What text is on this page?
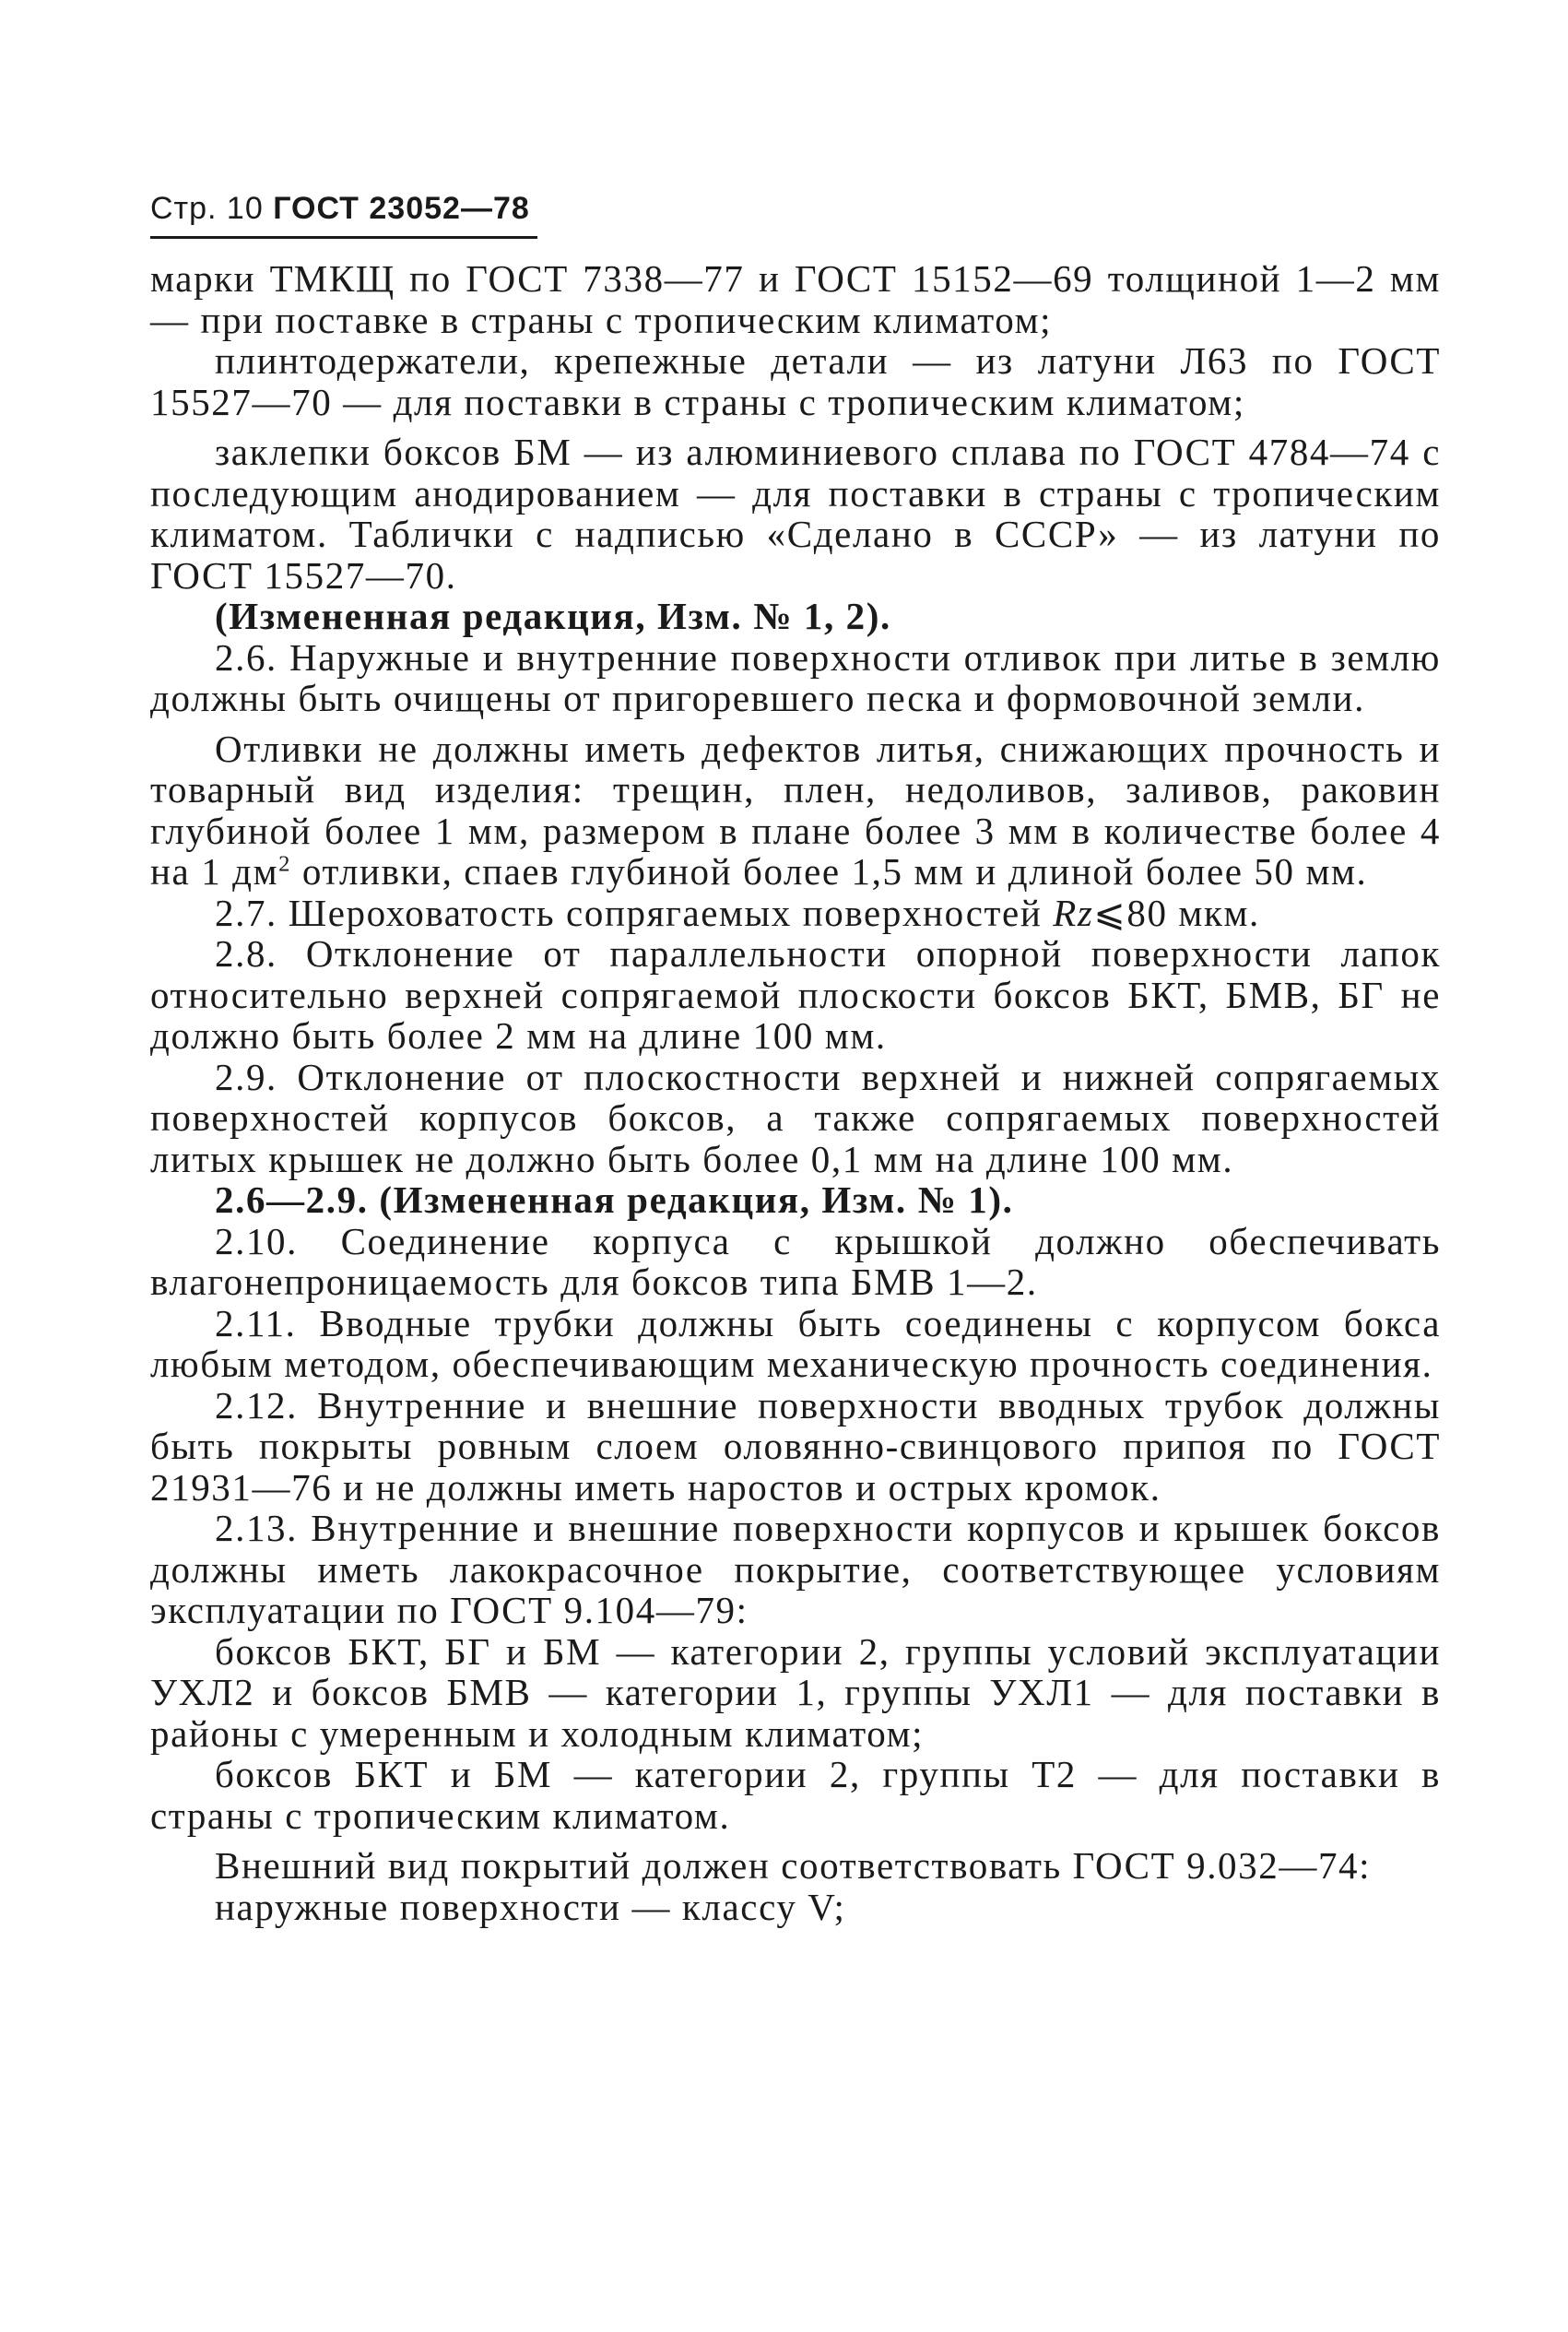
Стр. 10 ГОСТ 23052—78

марки ТМКЩ по ГОСТ 7338—77 и ГОСТ 15152—69 толщиной 1—2 мм — при поставке в страны с тропическим климатом;

плинтодержатели, крепежные детали — из латуни Л63 по ГОСТ 15527—70 — для поставки в страны с тропическим климатом;

заклепки боксов БМ — из алюминиевого сплава по ГОСТ 4784—74 с последующим анодированием — для поставки в страны с тропическим климатом. Таблички с надписью «Сделано в СССР» — из латуни по ГОСТ 15527—70.

(Измененная редакция, Изм. № 1, 2).

2.6. Наружные и внутренние поверхности отливок при литье в землю должны быть очищены от пригоревшего песка и формовочной земли.

Отливки не должны иметь дефектов литья, снижающих прочность и товарный вид изделия: трещин, плен, недоливов, заливов, раковин глубиной более 1 мм, размером в плане более 3 мм в количестве более 4 на 1 $дм^2$ отливки, спаев глубиной более 1,5 мм и длиной более 50 мм.

2.7. Шероховатость сопрягаемых поверхностей Rz⩽80 мкм.

2.8. Отклонение от параллельности опорной поверхности лапок относительно верхней сопрягаемой плоскости боксов БКТ, БМВ, БГ не должно быть более 2 мм на длине 100 мм.

2.9. Отклонение от плоскостности верхней и нижней сопрягаемых поверхностей корпусов боксов, а также сопрягаемых поверхностей литых крышек не должно быть более 0,1 мм на длине 100 мм.

2.6—2.9. (Измененная редакция, Изм. № 1).

2.10. Соединение корпуса с крышкой должно обеспечивать влагонепроницаемость для боксов типа БМВ 1—2.

2.11. Вводные трубки должны быть соединены с корпусом бокса любым методом, обеспечивающим механическую прочность соединения.

2.12. Внутренние и внешние поверхности вводных трубок должны быть покрыты ровным слоем оловянно-свинцового припоя по ГОСТ 21931—76 и не должны иметь наростов и острых кромок.

2.13. Внутренние и внешние поверхности корпусов и крышек боксов должны иметь лакокрасочное покрытие, соответствующее условиям эксплуатации по ГОСТ 9.104—79:

боксов БКТ, БГ и БМ — категории 2, группы условий эксплуатации УХЛ2 и боксов БМВ — категории 1, группы УХЛ1 — для поставки в районы с умеренным и холодным климатом;

боксов БКТ и БМ — категории 2, группы Т2 — для поставки в страны с тропическим климатом.

Внешний вид покрытий должен соответствовать ГОСТ 9.032—74:

наружные поверхности — классу V;
